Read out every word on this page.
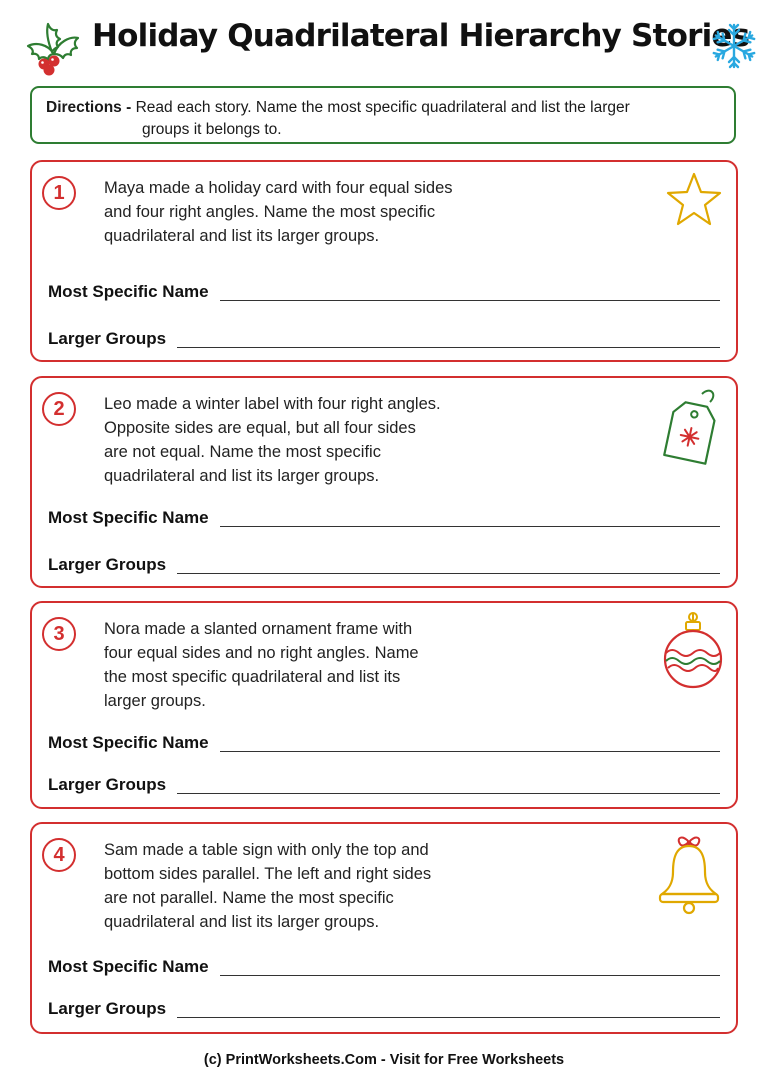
Holiday Quadrilateral Hierarchy Stories
Directions - Read each story. Name the most specific quadrilateral and list the larger
groups it belongs to.
1	Maya made a holiday card with four equal sides
and four right angles. Name the most specific
quadrilateral and list its larger groups.
Most Specific Name
Larger Groups
2	Leo made a winter label with four right angles.
Opposite sides are equal, but all four sides
are not equal. Name the most specific
quadrilateral and list its larger groups.
Most Specific Name
Larger Groups
3	Nora made a slanted ornament frame with
four equal sides and no right angles. Name
the most specific quadrilateral and list its
larger groups.
Most Specific Name
Larger Groups
4	Sam made a table sign with only the top and
bottom sides parallel. The left and right sides
are not parallel. Name the most specific
quadrilateral and list its larger groups.
Most Specific Name
Larger Groups
(c) PrintWorksheets.Com - Visit for Free Worksheets
